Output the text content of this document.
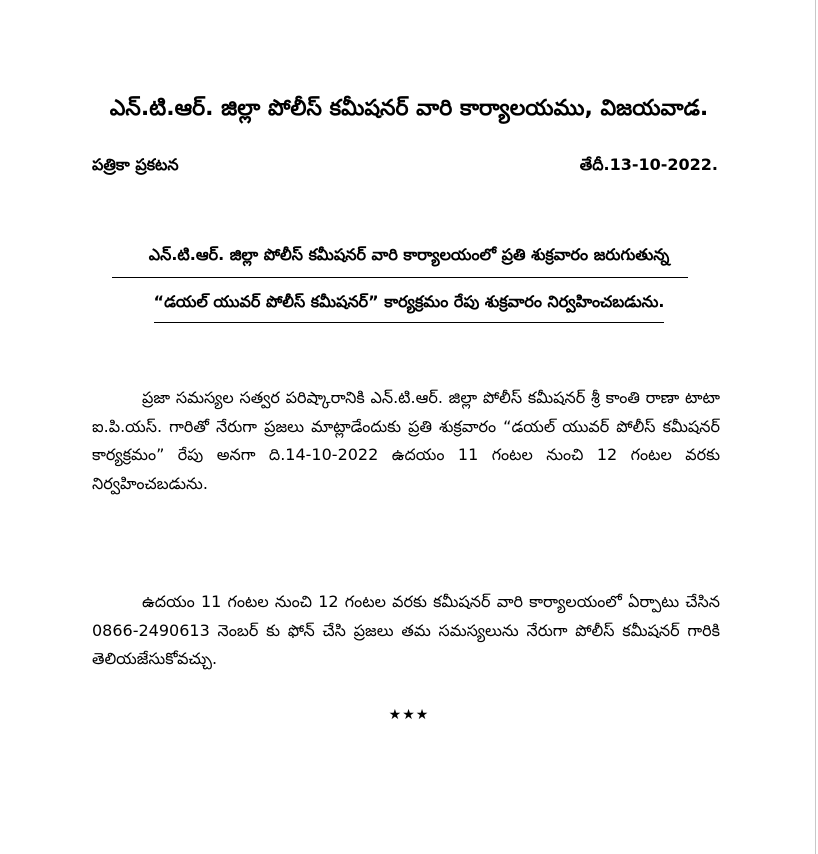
ఎన్.టి.ఆర్. జిల్లా పోలీస్ కమీషనర్ వారి కార్యాలయము, విజయవాడ.
పత్రికా ప్రకటన	తేదీ.13-10-2022.
ఎన్.టి.ఆర్. జిల్లా పోలీస్ కమీషనర్ వారి కార్యాలయంలో ప్రతి శుక్రవారం జరుగుతున్న
“డయల్ యువర్ పోలీస్ కమీషనర్” కార్యక్రమం రేపు శుక్రవారం నిర్వహించబడును.
ప్రజా సమస్యల సత్వర పరిష్కారానికి ఎన్.టి.ఆర్. జిల్లా పోలీస్ కమీషనర్ శ్రీ కాంతి రాణా టాటా ఐ.పి.యస్. గారితో నేరుగా ప్రజలు మాట్లాడేందుకు ప్రతి శుక్రవారం “డయల్ యువర్ పోలీస్ కమీషనర్ కార్యక్రమం” రేపు అనగా ది.14-10-2022 ఉదయం 11 గంటల నుంచి 12 గంటల వరకు నిర్వహించబడును.
ఉదయం 11 గంటల నుంచి 12 గంటల వరకు కమీషనర్ వారి కార్యాలయంలో ఏర్పాటు చేసిన 0866-2490613 నెంబర్ కు ఫోన్ చేసి ప్రజలు తమ సమస్యలును నేరుగా పోలీస్ కమీషనర్ గారికి తెలియజేసుకోవచ్చు.
★★★
